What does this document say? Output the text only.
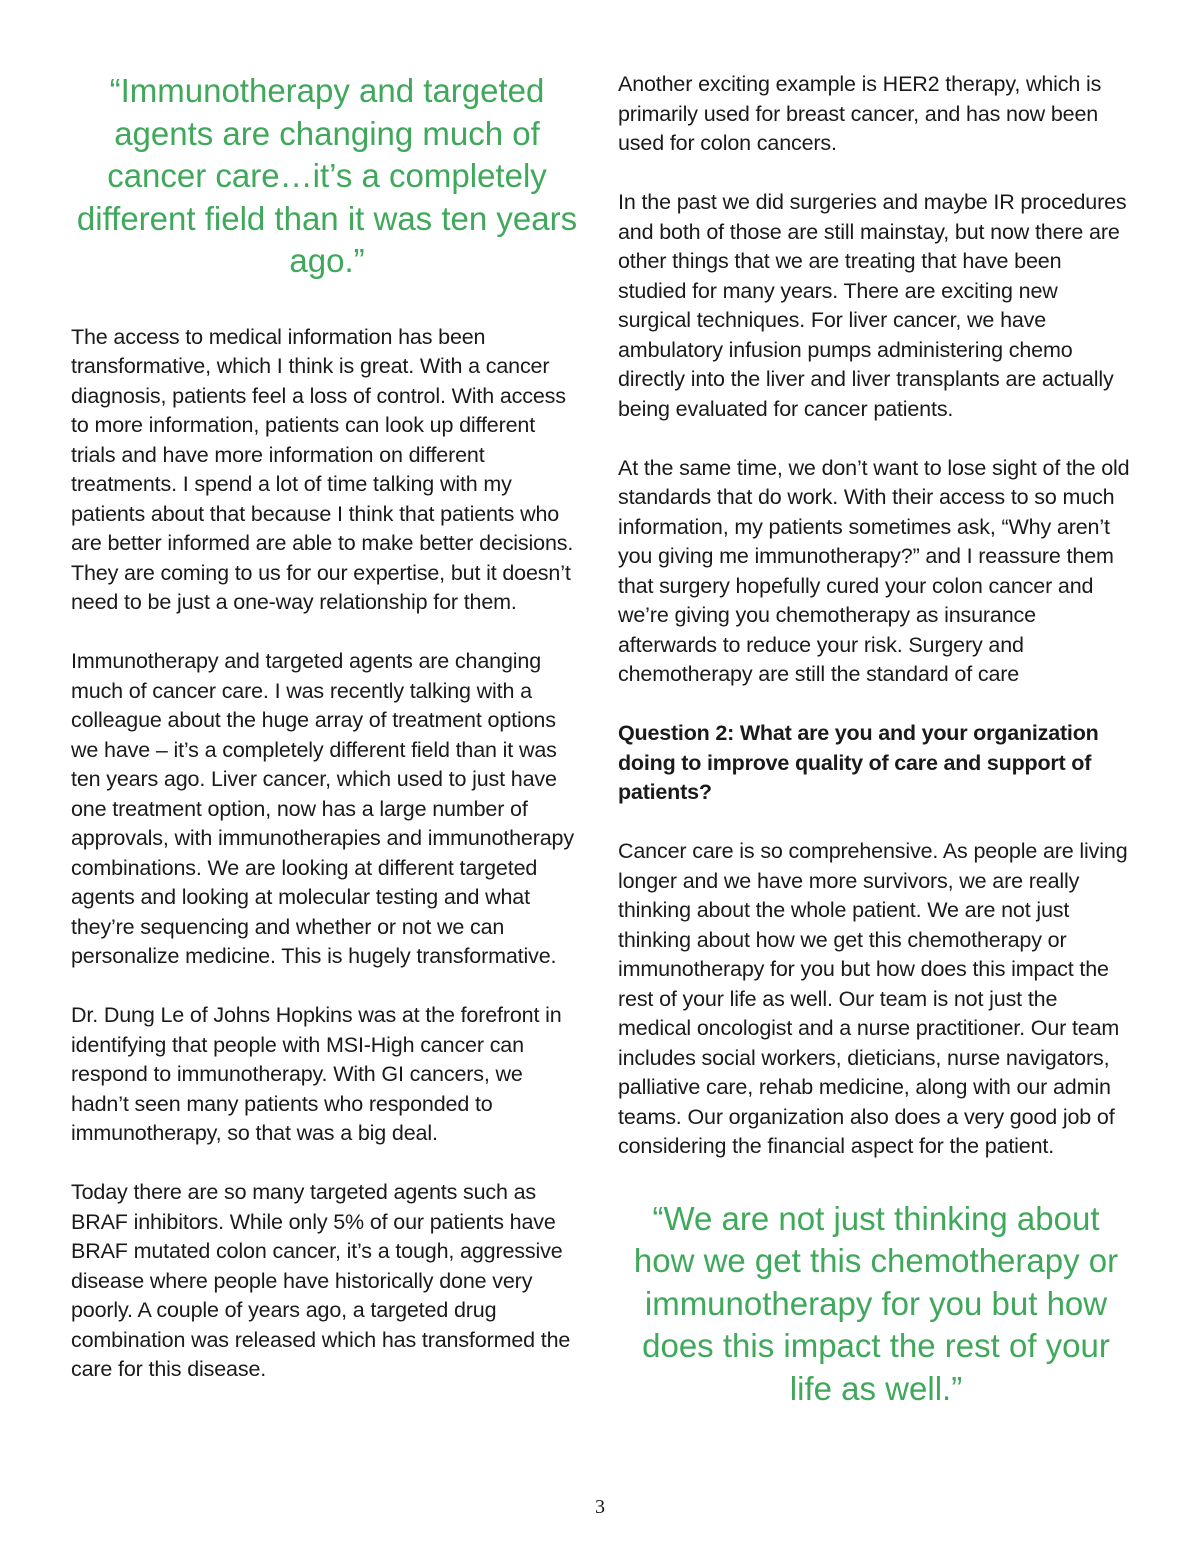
“Immunotherapy and targeted agents are changing much of cancer care…it’s a completely different field than it was ten years ago.”

The access to medical information has been transformative, which I think is great. With a cancer diagnosis, patients feel a loss of control. With access to more information, patients can look up different trials and have more information on different treatments. I spend a lot of time talking with my patients about that because I think that patients who are better informed are able to make better decisions. They are coming to us for our expertise, but it doesn’t need to be just a one-way relationship for them.

Immunotherapy and targeted agents are changing much of cancer care. I was recently talking with a colleague about the huge array of treatment options we have – it’s a completely different field than it was ten years ago. Liver cancer, which used to just have one treatment option, now has a large number of approvals, with immunotherapies and immunotherapy combinations. We are looking at different targeted agents and looking at molecular testing and what they’re sequencing and whether or not we can personalize medicine. This is hugely transformative.

Dr. Dung Le of Johns Hopkins was at the forefront in identifying that people with MSI-High cancer can respond to immunotherapy. With GI cancers, we hadn’t seen many patients who responded to immunotherapy, so that was a big deal.

Today there are so many targeted agents such as BRAF inhibitors. While only 5% of our patients have BRAF mutated colon cancer, it’s a tough, aggressive disease where people have historically done very poorly. A couple of years ago, a targeted drug combination was released which has transformed the care for this disease.

Another exciting example is HER2 therapy, which is primarily used for breast cancer, and has now been used for colon cancers.

In the past we did surgeries and maybe IR procedures and both of those are still mainstay, but now there are other things that we are treating that have been studied for many years. There are exciting new surgical techniques. For liver cancer, we have ambulatory infusion pumps administering chemo directly into the liver and liver transplants are actually being evaluated for cancer patients.

At the same time, we don’t want to lose sight of the old standards that do work. With their access to so much information, my patients sometimes ask, “Why aren’t you giving me immunotherapy?” and I reassure them that surgery hopefully cured your colon cancer and we’re giving you chemotherapy as insurance afterwards to reduce your risk. Surgery and chemotherapy are still the standard of care

Question 2: What are you and your organization doing to improve quality of care and support of patients?

Cancer care is so comprehensive. As people are living longer and we have more survivors, we are really thinking about the whole patient. We are not just thinking about how we get this chemotherapy or immunotherapy for you but how does this impact the rest of your life as well. Our team is not just the medical oncologist and a nurse practitioner. Our team includes social workers, dieticians, nurse navigators, palliative care, rehab medicine, along with our admin teams. Our organization also does a very good job of considering the financial aspect for the patient.

“We are not just thinking about how we get this chemotherapy or immunotherapy for you but how does this impact the rest of your life as well.”

3
